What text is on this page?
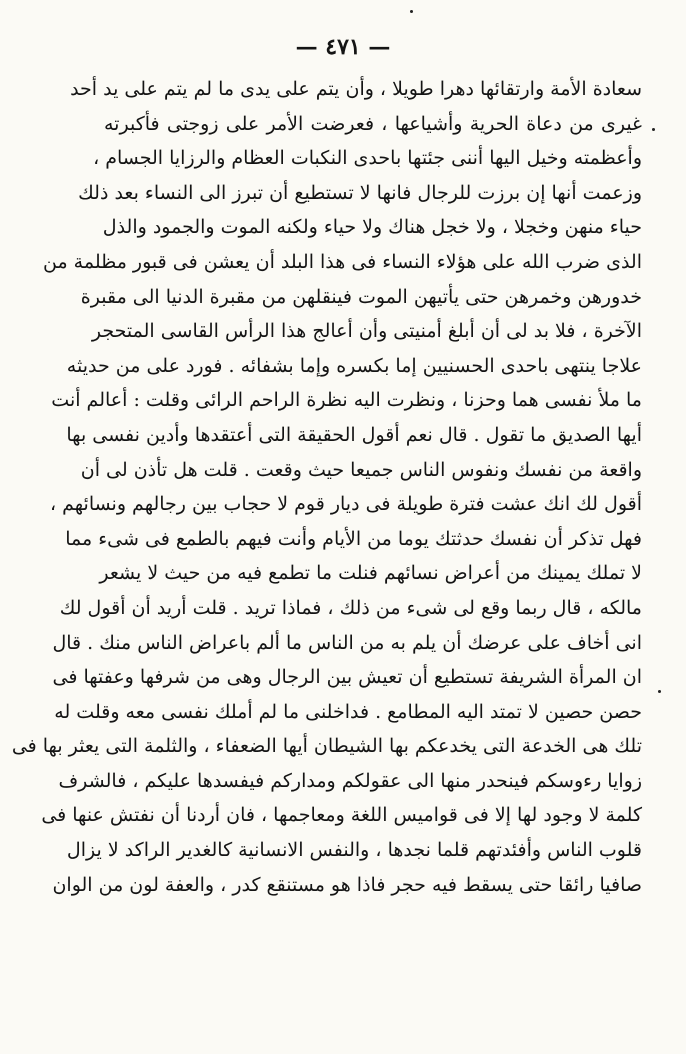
— ٤٧١ —
سعادة الأمة وارتقائها دهرا طويلا ، وأن يتم على يدى ما لم يتم على يد أحد
غيرى من دعاة الحرية وأشياعها ، فعرضت الأمر على زوجتى فأكبرته
وأعظمته وخيل اليها أننى جئتها باحدى النكبات العظام والرزايا الجسام ،
وزعمت أنها إن برزت للرجال فانها لا تستطيع أن تبرز الى النساء بعد ذلك
حياء منهن وخجلا ، ولا خجل هناك ولا حياء ولكنه الموت والجمود والذل
الذى ضرب الله على هؤلاء النساء فى هذا البلد أن يعشن فى قبور مظلمة من
خدورهن وخمرهن حتى يأتيهن الموت فينقلهن من مقبرة الدنيا الى مقبرة
الآخرة ، فلا بد لى أن أبلغ أمنيتى وأن أعالج هذا الرأس القاسى المتحجر
علاجا ينتهى باحدى الحسنيين إما بكسره وإما بشفائه . فورد على من حديثه
ما ملأ نفسى هما وحزنا ، ونظرت اليه نظرة الراحم الرائى وقلت : أعالم أنت
أيها الصديق ما تقول . قال نعم أقول الحقيقة التى أعتقدها وأدين نفسى بها
واقعة من نفسك ونفوس الناس جميعا حيث وقعت . قلت هل تأذن لى أن
أقول لك انك عشت فترة طويلة فى ديار قوم لا حجاب بين رجالهم ونسائهم ،
فهل تذكر أن نفسك حدثتك يوما من الأيام وأنت فيهم بالطمع فى شىء مما
لا تملك يمينك من أعراض نسائهم فنلت ما تطمع فيه من حيث لا يشعر
مالكه ، قال ربما وقع لى شىء من ذلك ، فماذا تريد . قلت أريد أن أقول لك
انى أخاف على عرضك أن يلم به من الناس ما ألم باعراض الناس منك . قال
ان المرأة الشريفة تستطيع أن تعيش بين الرجال وهى من شرفها وعفتها فى
حصن حصين لا تمتد اليه المطامع . فداخلنى ما لم أملك نفسى معه وقلت له
تلك هى الخدعة التى يخدعكم بها الشيطان أيها الضعفاء ، والثلمة التى يعثر بها فى
زوايا رءوسكم فينحدر منها الى عقولكم ومداركم فيفسدها عليكم ، فالشرف
كلمة لا وجود لها إلا فى قواميس اللغة ومعاجمها ، فان أردنا أن نفتش عنها فى
قلوب الناس وأفئدتهم قلما نجدها ، والنفس الانسانية كالغدير الراكد لا يزال
صافيا رائقا حتى يسقط فيه حجر فاذا هو مستنقع كدر ، والعفة لون من الوان
